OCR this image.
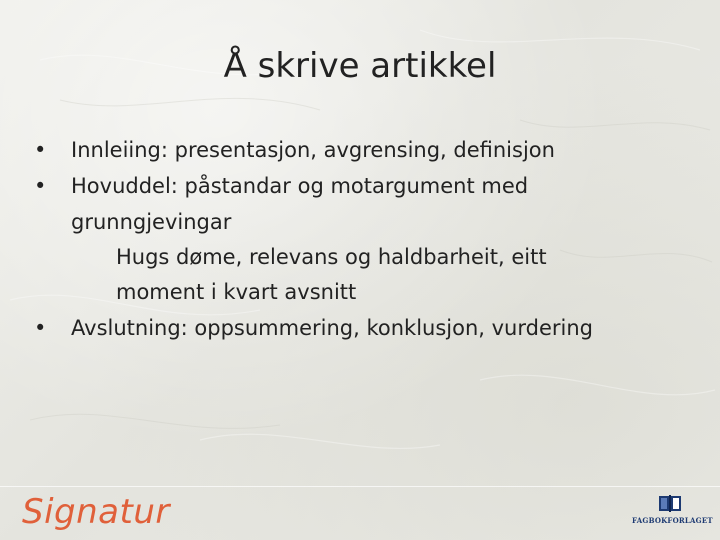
Å skrive artikkel
•	Innleiing: presentasjon, avgrensing, definisjon
•	Hovuddel: påstandar og motargument med
grunngjevingar
Hugs døme, relevans og haldbarheit, eitt
moment i kvart avsnitt
•	Avslutning: oppsummering, konklusjon, vurdering
Signatur	FAGBOKFORLAGET
